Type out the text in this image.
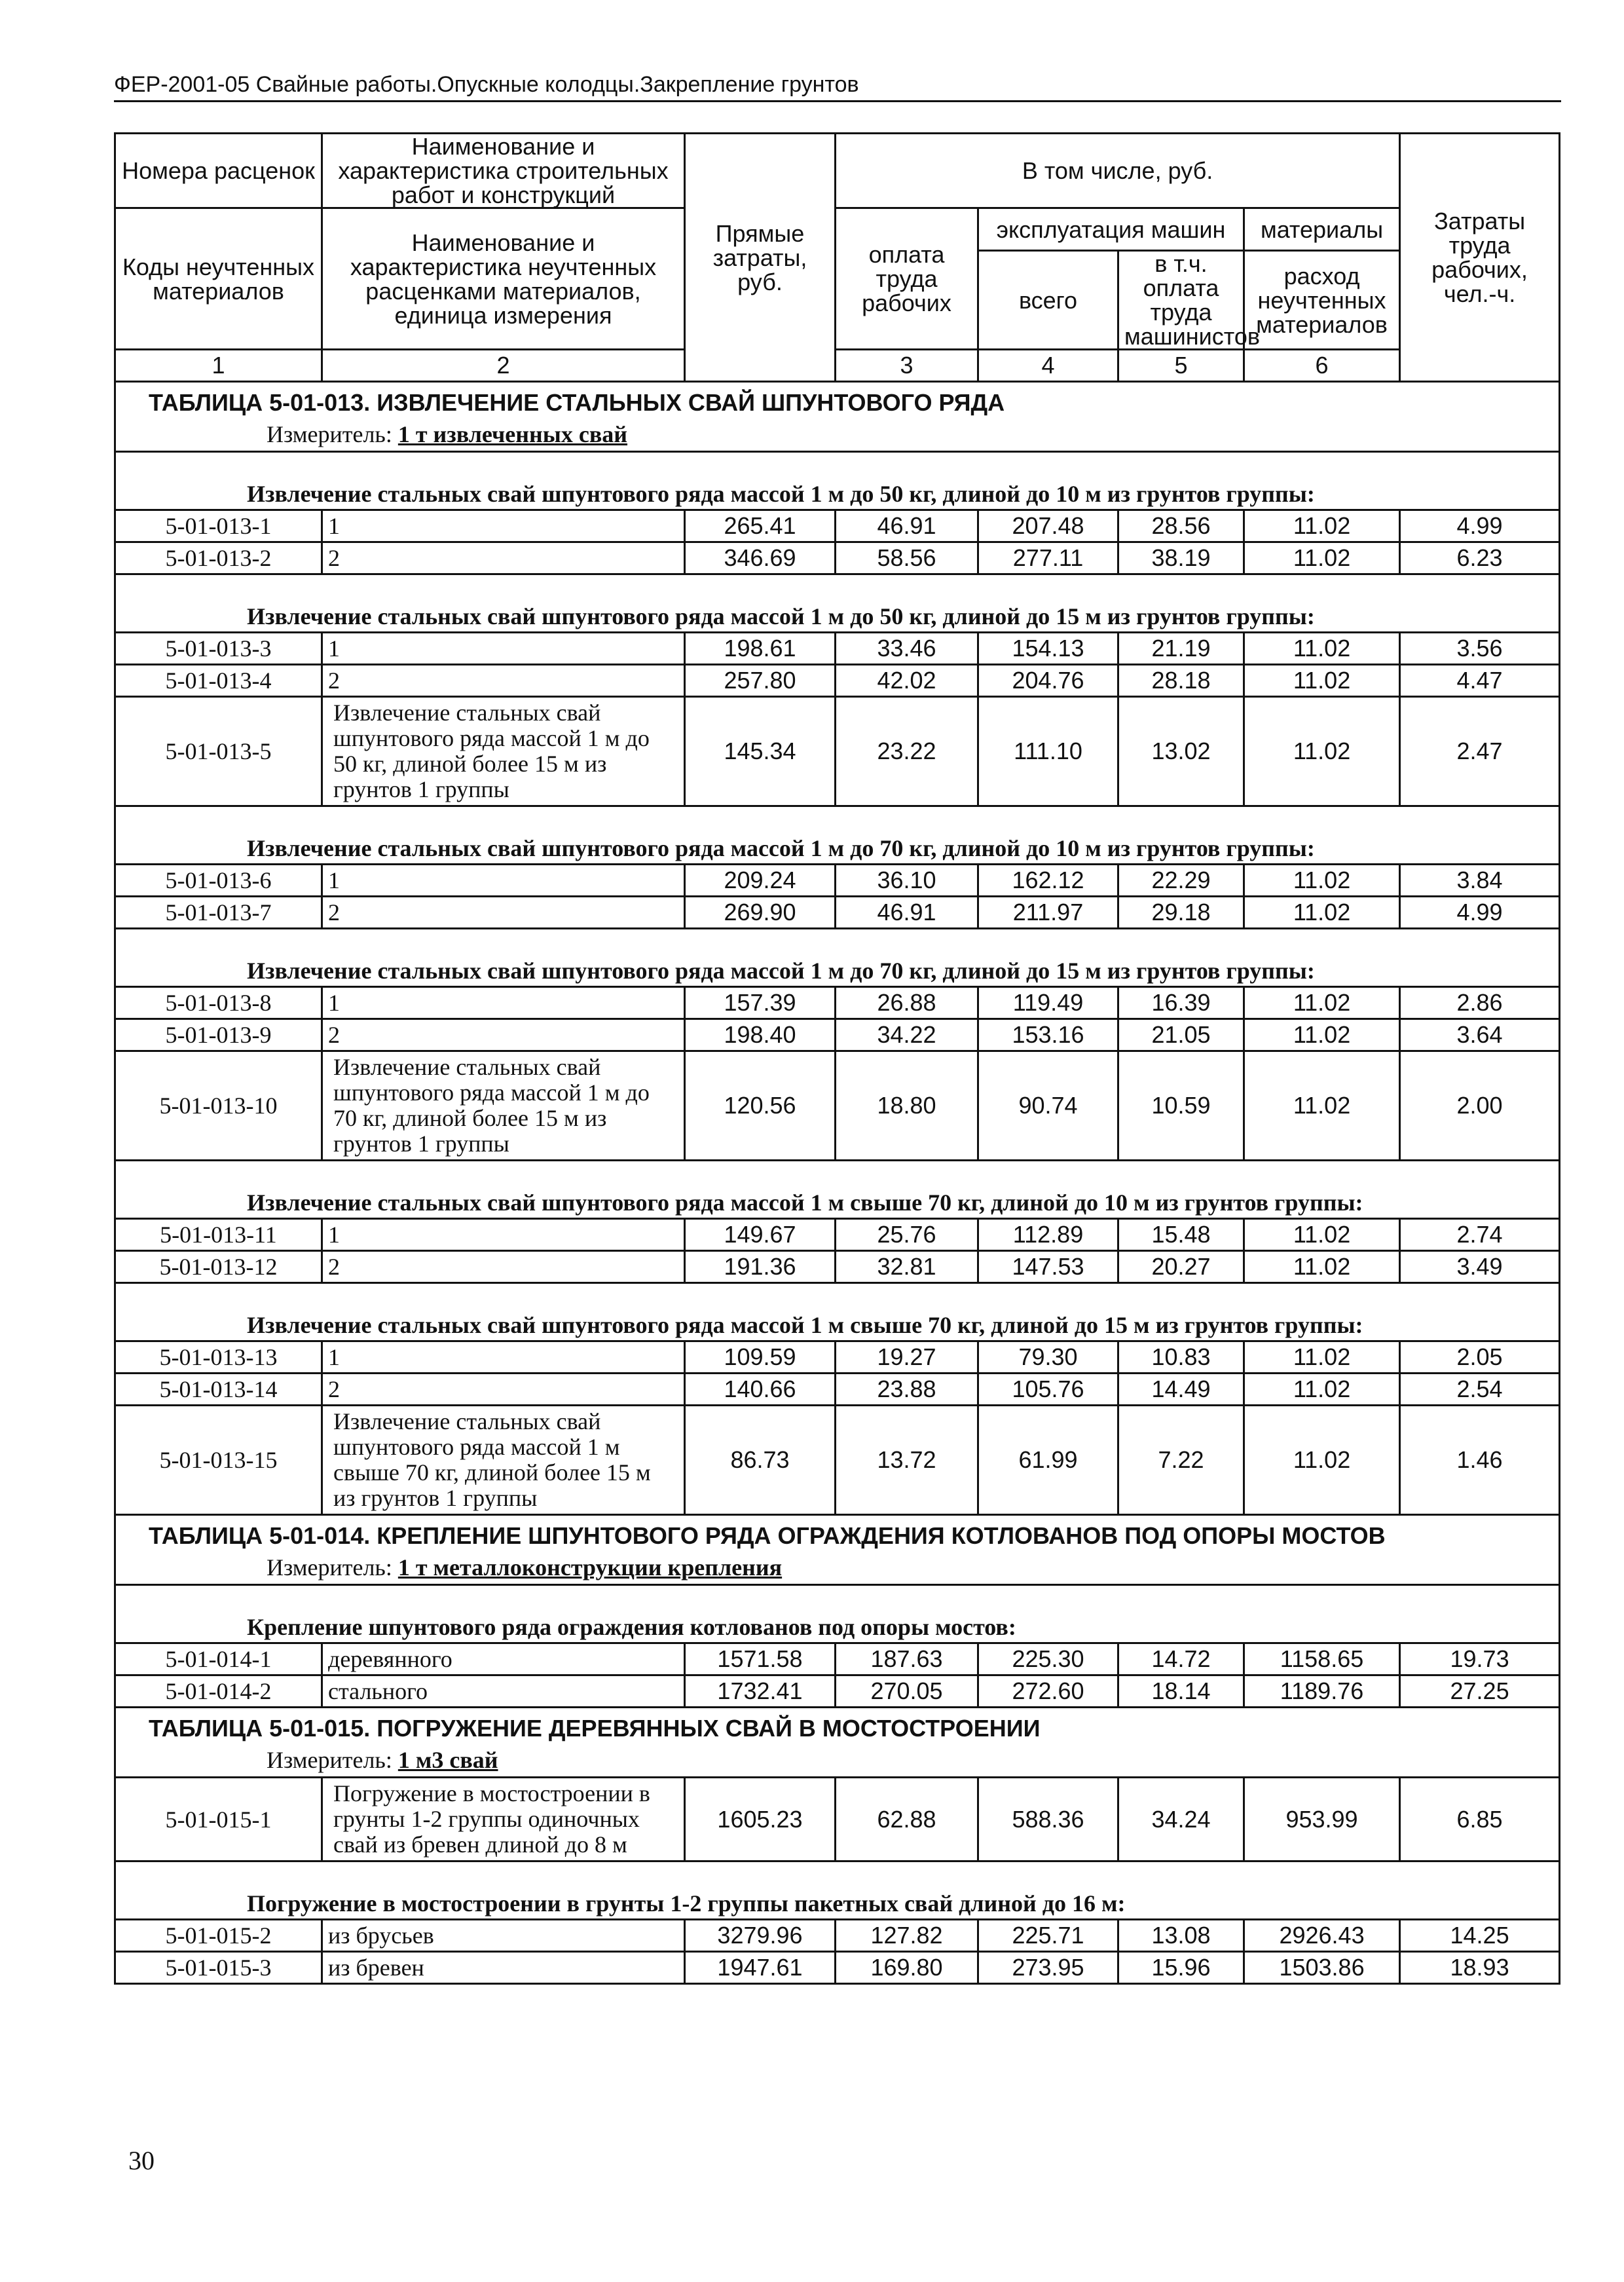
ФЕР-2001-05 Свайные работы.Опускные колодцы.Закрепление грунтов
Номера расценок	Наименование и характеристика строительных работ и конструкций	Прямые затраты, руб.	В том числе, руб.				Затраты труда рабочих, чел.-ч.	
Коды неучтенных материалов	Наименование и характеристика неучтенных расценками материалов, единица измерения		оплата труда рабочих	эксплуатация машин		материалы		
				всего	в т.ч. оплата труда машинистов	расход неучтенных материалов		
1	2		3	4	5	6		
ТАБЛИЦА 5-01-013. ИЗВЛЕЧЕНИЕ СТАЛЬНЫХ СВАЙ ШПУНТОВОГО РЯДА								
Измеритель: 1 т извлеченных свай								
Извлечение стальных свай шпунтового ряда массой 1 м до 50 кг, длиной до 10 м из грунтов группы:								
5-01-013-1	1	265.41	46.91	207.48	28.56	11.02	4.99	
5-01-013-2	2	346.69	58.56	277.11	38.19	11.02	6.23	
Извлечение стальных свай шпунтового ряда массой 1 м до 50 кг, длиной до 15 м из грунтов группы:								
5-01-013-3	1	198.61	33.46	154.13	21.19	11.02	3.56	
5-01-013-4	2	257.80	42.02	204.76	28.18	11.02	4.47	
5-01-013-5	Извлечение стальных свай шпунтового ряда массой 1 м до 50 кг, длиной более 15 м из грунтов 1 группы	145.34	23.22	111.10	13.02	11.02	2.47	
Извлечение стальных свай шпунтового ряда массой 1 м до 70 кг, длиной до 10 м из грунтов группы:								
5-01-013-6	1	209.24	36.10	162.12	22.29	11.02	3.84	
5-01-013-7	2	269.90	46.91	211.97	29.18	11.02	4.99	
Извлечение стальных свай шпунтового ряда массой 1 м до 70 кг, длиной до 15 м из грунтов группы:								
5-01-013-8	1	157.39	26.88	119.49	16.39	11.02	2.86	
5-01-013-9	2	198.40	34.22	153.16	21.05	11.02	3.64	
5-01-013-10	Извлечение стальных свай шпунтового ряда массой 1 м до 70 кг, длиной более 15 м из грунтов 1 группы	120.56	18.80	90.74	10.59	11.02	2.00	
Извлечение стальных свай шпунтового ряда массой 1 м свыше 70 кг, длиной до 10 м из грунтов группы:								
5-01-013-11	1	149.67	25.76	112.89	15.48	11.02	2.74	
5-01-013-12	2	191.36	32.81	147.53	20.27	11.02	3.49	
Извлечение стальных свай шпунтового ряда массой 1 м свыше 70 кг, длиной до 15 м из грунтов группы:								
5-01-013-13	1	109.59	19.27	79.30	10.83	11.02	2.05	
5-01-013-14	2	140.66	23.88	105.76	14.49	11.02	2.54	
5-01-013-15	Извлечение стальных свай шпунтового ряда массой 1 м свыше 70 кг, длиной более 15 м из грунтов 1 группы	86.73	13.72	61.99	7.22	11.02	1.46	
ТАБЛИЦА 5-01-014. КРЕПЛЕНИЕ ШПУНТОВОГО РЯДА ОГРАЖДЕНИЯ КОТЛОВАНОВ ПОД ОПОРЫ МОСТОВ								
Измеритель: 1 т металлоконструкции крепления								
Крепление шпунтового ряда ограждения котлованов под опоры мостов:								
5-01-014-1	деревянного	1571.58	187.63	225.30	14.72	1158.65	19.73	
5-01-014-2	стального	1732.41	270.05	272.60	18.14	1189.76	27.25	
ТАБЛИЦА 5-01-015. ПОГРУЖЕНИЕ ДЕРЕВЯННЫХ СВАЙ В МОСТОСТРОЕНИИ								
Измеритель: 1 м3 свай								
5-01-015-1	Погружение в мостостроении в грунты 1-2 группы одиночных свай из бревен длиной до 8 м	1605.23	62.88	588.36	34.24	953.99	6.85	
Погружение в мостостроении в грунты 1-2 группы пакетных свай длиной до 16 м:								
5-01-015-2	из брусьев	3279.96	127.82	225.71	13.08	2926.43	14.25	
5-01-015-3	из бревен	1947.61	169.80	273.95	15.96	1503.86	18.93	
30
